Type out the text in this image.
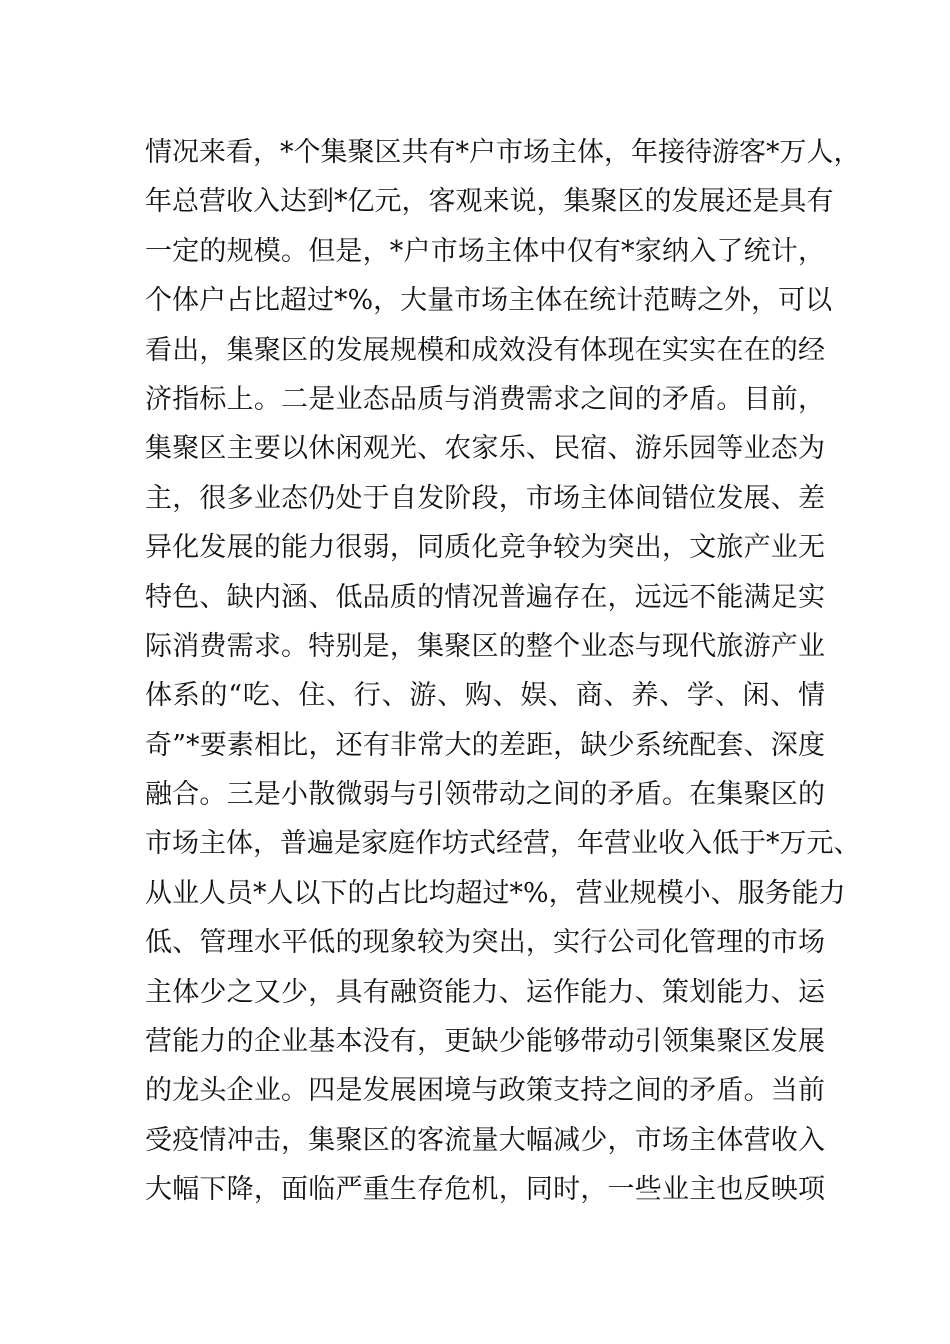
情况来看，*个集聚区共有*户市场主体，年接待游客*万人，
年总营收入达到*亿元，客观来说，集聚区的发展还是具有
一定的规模。但是，*户市场主体中仅有*家纳入了统计，
个体户占比超过*%，大量市场主体在统计范畴之外，可以
看出，集聚区的发展规模和成效没有体现在实实在在的经
济指标上。二是业态品质与消费需求之间的矛盾。目前，
集聚区主要以休闲观光、农家乐、民宿、游乐园等业态为
主，很多业态仍处于自发阶段，市场主体间错位发展、差
异化发展的能力很弱，同质化竞争较为突出，文旅产业无
特色、缺内涵、低品质的情况普遍存在，远远不能满足实
际消费需求。特别是，集聚区的整个业态与现代旅游产业
体系的“吃、住、行、游、购、娱、商、养、学、闲、情
奇”*要素相比，还有非常大的差距，缺少系统配套、深度
融合。三是小散微弱与引领带动之间的矛盾。在集聚区的
市场主体，普遍是家庭作坊式经营，年营业收入低于*万元、
从业人员*人以下的占比均超过*%，营业规模小、服务能力
低、管理水平低的现象较为突出，实行公司化管理的市场
主体少之又少，具有融资能力、运作能力、策划能力、运
营能力的企业基本没有，更缺少能够带动引领集聚区发展
的龙头企业。四是发展困境与政策支持之间的矛盾。当前
受疫情冲击，集聚区的客流量大幅减少，市场主体营收入
大幅下降，面临严重生存危机，同时，一些业主也反映项
